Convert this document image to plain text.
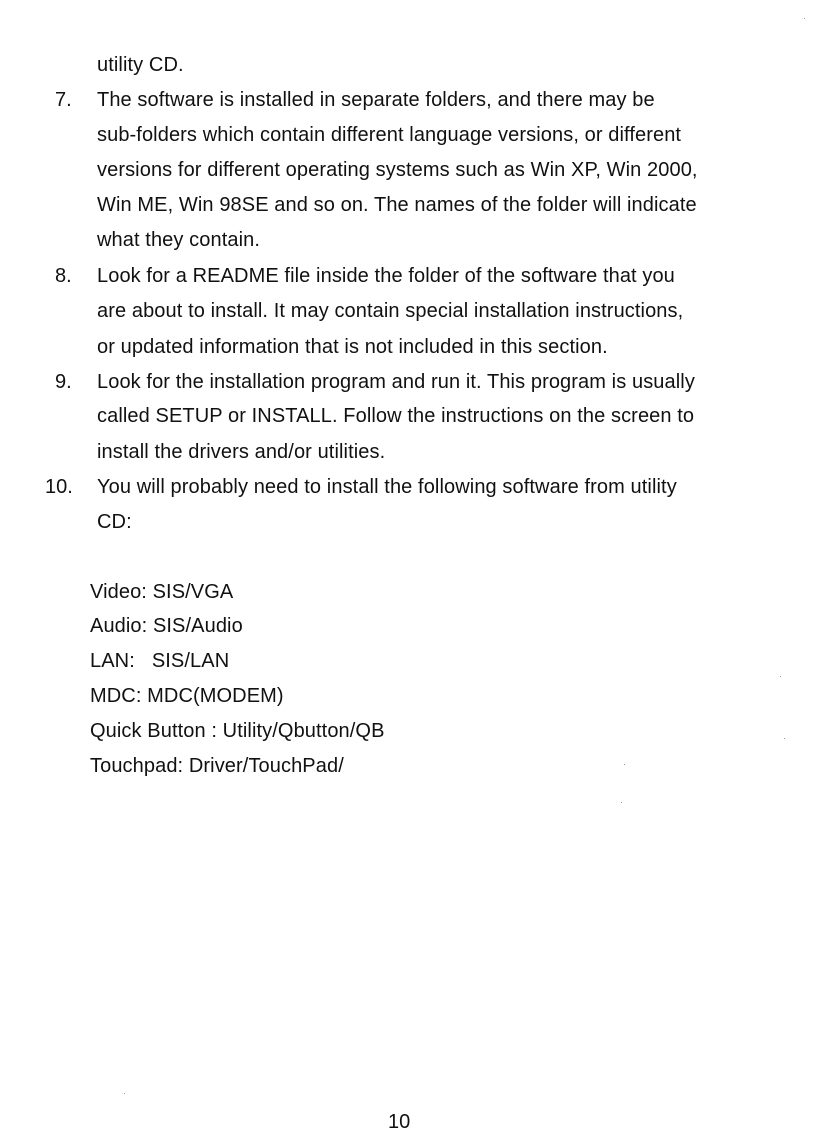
utility CD.
7. The software is installed in separate folders, and there may be
sub-folders which contain different language versions, or different
versions for different operating systems such as Win XP, Win 2000,
Win ME, Win 98SE and so on. The names of the folder will indicate
what they contain.
8. Look for a README file inside the folder of the software that you
are about to install. It may contain special installation instructions,
or updated information that is not included in this section.
9. Look for the installation program and run it. This program is usually
called SETUP or INSTALL. Follow the instructions on the screen to
install the drivers and/or utilities.
10. You will probably need to install the following software from utility
CD:
Video: SIS/VGA
Audio: SIS/Audio
LAN:   SIS/LAN
MDC: MDC(MODEM)
Quick Button : Utility/Qbutton/QB
Touchpad: Driver/TouchPad/
10
